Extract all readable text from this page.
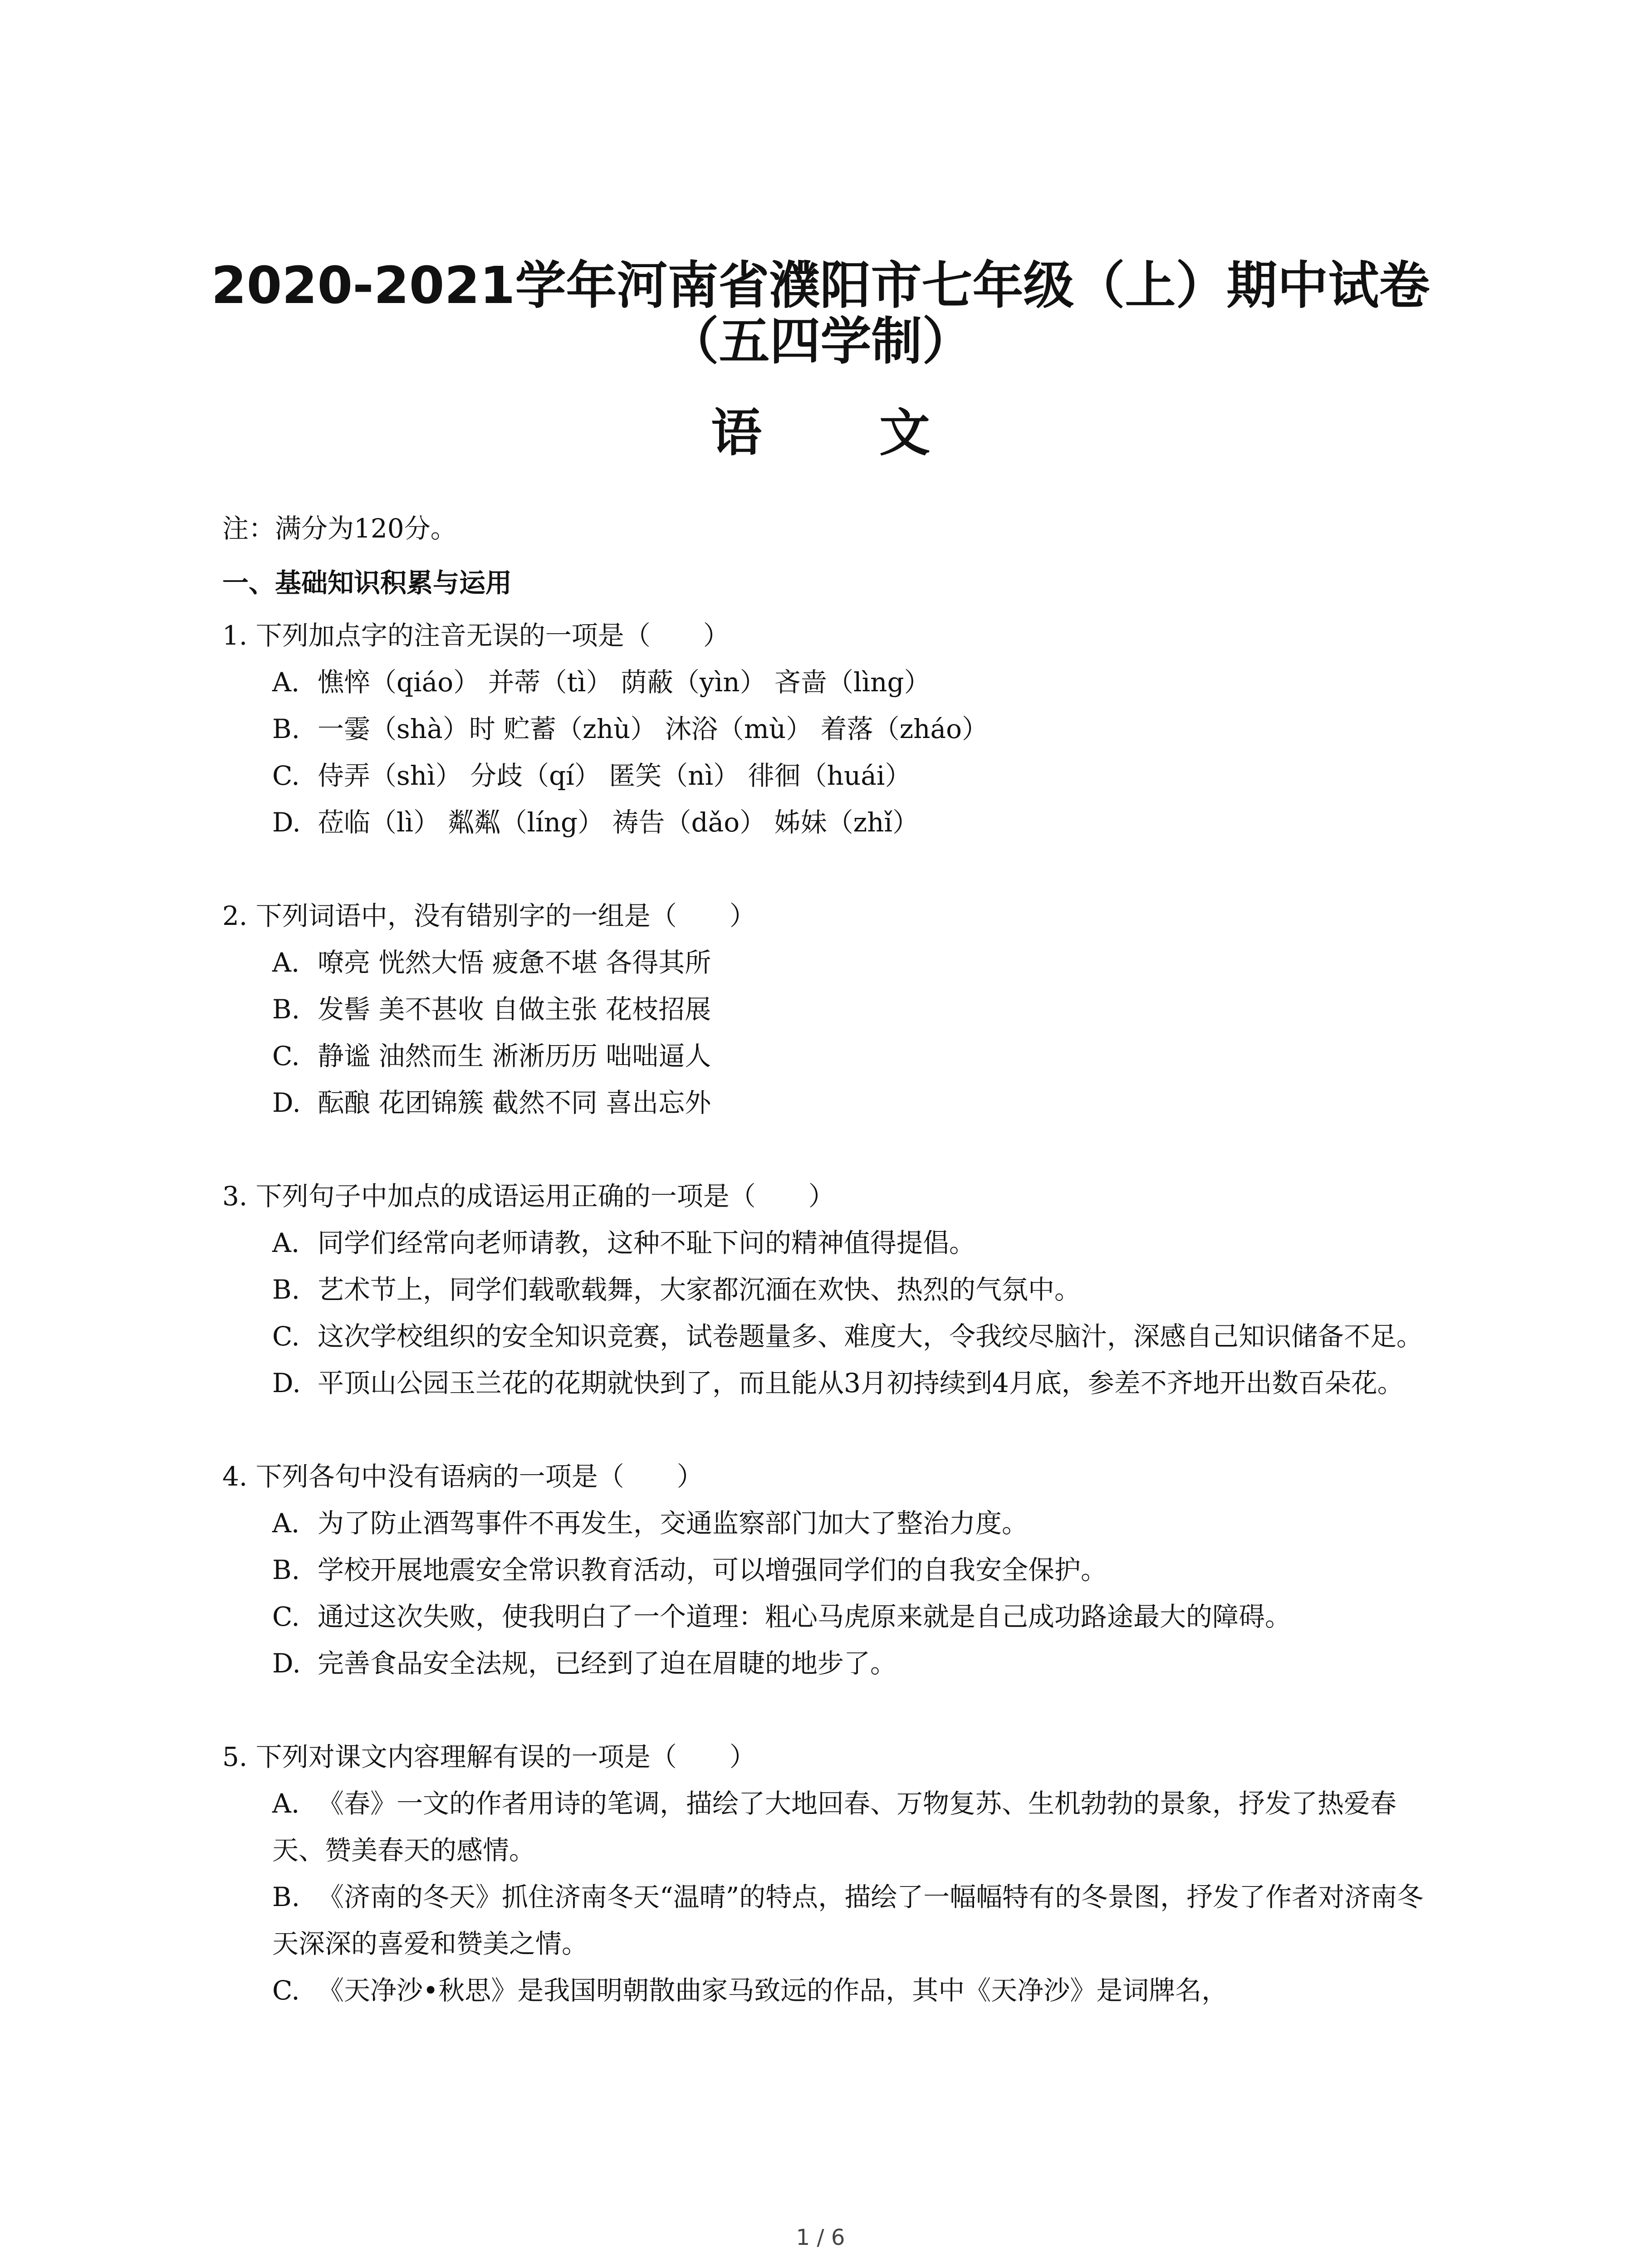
2020-2021学年河南省濮阳市七年级（上）期中试卷
（五四学制）
语 文
注：满分为120分。
一、基础知识积累与运用
1. 下列加点字的注音无误的一项是（　　）
A. 憔悴（qiáo） 并蒂（tì） 荫蔽（yìn） 吝啬（lìng）
B. 一霎（shà）时 贮蓄（zhù） 沐浴（mù） 着落（zháo）
C. 侍弄（shì） 分歧（qí） 匿笑（nì） 徘徊（huái）
D. 莅临（lì） 粼粼（líng） 祷告（dǎo） 姊妹（zhǐ）
2. 下列词语中，没有错别字的一组是（　　）
A. 嘹亮 恍然大悟 疲惫不堪 各得其所
B. 发髻 美不甚收 自做主张 花枝招展
C. 静谧 油然而生 淅淅历历 咄咄逼人
D. 酝酿 花团锦簇 截然不同 喜出忘外
3. 下列句子中加点的成语运用正确的一项是（　　）
A. 同学们经常向老师请教，这种不耻下问的精神值得提倡。
B. 艺术节上，同学们载歌载舞，大家都沉湎在欢快、热烈的气氛中。
C. 这次学校组织的安全知识竞赛，试卷题量多、难度大，令我绞尽脑汁，深感自己知识储备不足。
D. 平顶山公园玉兰花的花期就快到了，而且能从3月初持续到4月底，参差不齐地开出数百朵花。
4. 下列各句中没有语病的一项是（　　）
A. 为了防止酒驾事件不再发生，交通监察部门加大了整治力度。
B. 学校开展地震安全常识教育活动，可以增强同学们的自我安全保护。
C. 通过这次失败，使我明白了一个道理：粗心马虎原来就是自己成功路途最大的障碍。
D. 完善食品安全法规，已经到了迫在眉睫的地步了。
5. 下列对课文内容理解有误的一项是（　　）
A. 《春》一文的作者用诗的笔调，描绘了大地回春、万物复苏、生机勃勃的景象，抒发了热爱春天、赞美春天的感情。
B. 《济南的冬天》抓住济南冬天“温晴”的特点，描绘了一幅幅特有的冬景图，抒发了作者对济南冬天深深的喜爱和赞美之情。
C. 《天净沙•秋思》是我国明朝散曲家马致远的作品，其中《天净沙》是词牌名，
1 / 6
